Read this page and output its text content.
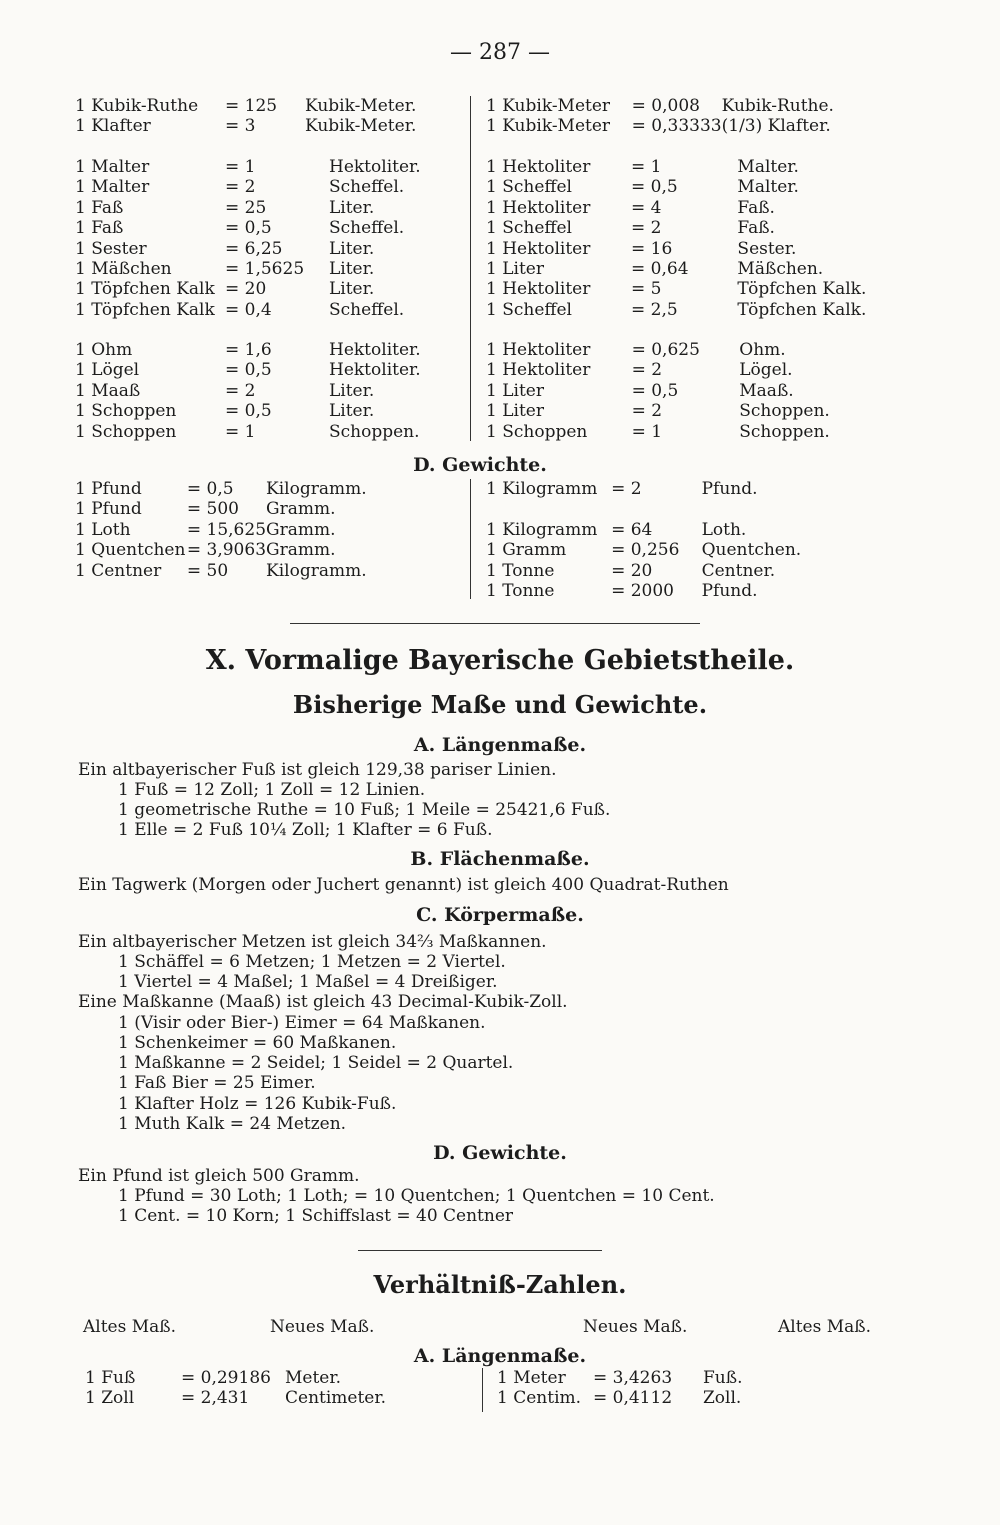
— 287 —
1 Kubik-Ruthe	= 125	Kubik-Meter.
1 Klafter	= 3	Kubik-Meter.
1 Kubik-Meter	= 0,008	Kubik-Ruthe.
1 Kubik-Meter	= 0,33333	(1/3) Klafter.
1 Malter	= 1	Hektoliter.
1 Malter	= 2	Scheffel.
1 Faß	= 25	Liter.
1 Faß	= 0,5	Scheffel.
1 Sester	= 6,25	Liter.
1 Mäßchen	= 1,5625	Liter.
1 Töpfchen Kalk	= 20	Liter.
1 Töpfchen Kalk	= 0,4	Scheffel.
1 Hektoliter	= 1	Malter.
1 Scheffel	= 0,5	Malter.
1 Hektoliter	= 4	Faß.
1 Scheffel	= 2	Faß.
1 Hektoliter	= 16	Sester.
1 Liter	= 0,64	Mäßchen.
1 Hektoliter	= 5	Töpfchen Kalk.
1 Scheffel	= 2,5	Töpfchen Kalk.
1 Ohm	= 1,6	Hektoliter.
1 Lögel	= 0,5	Hektoliter.
1 Maaß	= 2	Liter.
1 Schoppen	= 0,5	Liter.
1 Schoppen	= 1	Schoppen.
1 Hektoliter	= 0,625	Ohm.
1 Hektoliter	= 2	Lögel.
1 Liter	= 0,5	Maaß.
1 Liter	= 2	Schoppen.
1 Schoppen	= 1	Schoppen.
D. Gewichte.
1 Pfund	= 0,5	Kilogramm.
1 Pfund	= 500	Gramm.
1 Loth	= 15,625	Gramm.
1 Quentchen	= 3,9063	Gramm.
1 Centner	= 50	Kilogramm.
1 Kilogramm	= 2	Pfund.

1 Kilogramm	= 64	Loth.
1 Gramm	= 0,256	Quentchen.
1 Tonne	= 20	Centner.
1 Tonne	= 2000	Pfund.
X. Vormalige Bayerische Gebietstheile.
Bisherige Maße und Gewichte.
A. Längenmaße.
Ein altbayerischer Fuß ist gleich 129,38 pariser Linien.
1 Fuß = 12 Zoll; 1 Zoll = 12 Linien.
1 geometrische Ruthe = 10 Fuß; 1 Meile = 25421,6 Fuß.
1 Elle = 2 Fuß 10¼ Zoll; 1 Klafter = 6 Fuß.
B. Flächenmaße.
Ein Tagwerk (Morgen oder Juchert genannt) ist gleich 400 Quadrat-Ruthen
C. Körpermaße.
Ein altbayerischer Metzen ist gleich 34⅔ Maßkannen.
1 Schäffel = 6 Metzen; 1 Metzen = 2 Viertel.
1 Viertel = 4 Maßel; 1 Maßel = 4 Dreißiger.
Eine Maßkanne (Maaß) ist gleich 43 Decimal-Kubik-Zoll.
1 (Visir oder Bier-) Eimer = 64 Maßkanen.
1 Schenkeimer = 60 Maßkanen.
1 Maßkanne = 2 Seidel; 1 Seidel = 2 Quartel.
1 Faß Bier = 25 Eimer.
1 Klafter Holz = 126 Kubik-Fuß.
1 Muth Kalk = 24 Metzen.
D. Gewichte.
Ein Pfund ist gleich 500 Gramm.
1 Pfund = 30 Loth; 1 Loth; = 10 Quentchen; 1 Quentchen = 10 Cent.
1 Cent. = 10 Korn; 1 Schiffslast = 40 Centner
Verhältniß-Zahlen.
Altes Maß.	Neues Maß.	Neues Maß.	Altes Maß.
A. Längenmaße.
1 Fuß	= 0,29186	Meter.
1 Zoll	= 2,431	Centimeter.
1 Meter	= 3,4263	Fuß.
1 Centim.	= 0,4112	Zoll.
